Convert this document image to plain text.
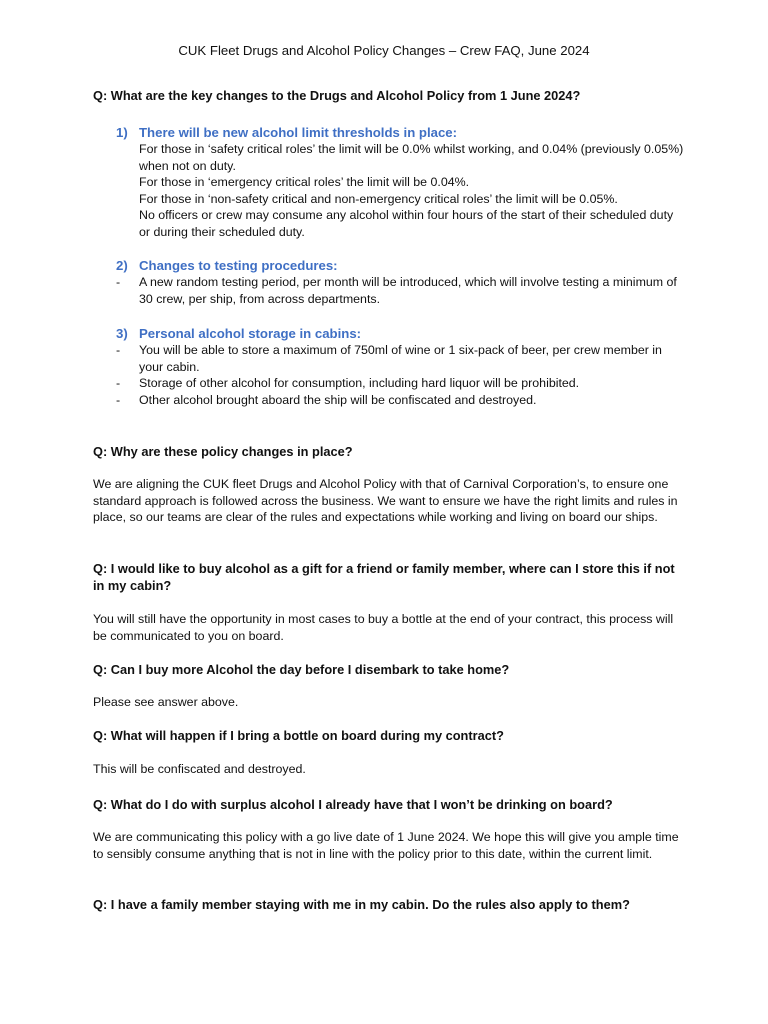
CUK Fleet Drugs and Alcohol Policy Changes – Crew FAQ, June 2024

Q: What are the key changes to the Drugs and Alcohol Policy from 1 June 2024?

1) There will be new alcohol limit thresholds in place:
For those in ‘safety critical roles’ the limit will be 0.0% whilst working, and 0.04% (previously 0.05%) when not on duty.
For those in ‘emergency critical roles’ the limit will be 0.04%.
For those in ‘non-safety critical and non-emergency critical roles’ the limit will be 0.05%.
No officers or crew may consume any alcohol within four hours of the start of their scheduled duty or during their scheduled duty.
2) Changes to testing procedures:
- A new random testing period, per month will be introduced, which will involve testing a minimum of 30 crew, per ship, from across departments.
3) Personal alcohol storage in cabins:
- You will be able to store a maximum of 750ml of wine or 1 six-pack of beer, per crew member in your cabin.
- Storage of other alcohol for consumption, including hard liquor will be prohibited.
- Other alcohol brought aboard the ship will be confiscated and destroyed.

Q: Why are these policy changes in place?

We are aligning the CUK fleet Drugs and Alcohol Policy with that of Carnival Corporation’s, to ensure one standard approach is followed across the business. We want to ensure we have the right limits and rules in place, so our teams are clear of the rules and expectations while working and living on board our ships.

Q: I would like to buy alcohol as a gift for a friend or family member, where can I store this if not in my cabin?

You will still have the opportunity in most cases to buy a bottle at the end of your contract, this process will be communicated to you on board.

Q: Can I buy more Alcohol the day before I disembark to take home?

Please see answer above.

Q: What will happen if I bring a bottle on board during my contract?

This will be confiscated and destroyed.

Q: What do I do with surplus alcohol I already have that I won’t be drinking on board?

We are communicating this policy with a go live date of 1 June 2024. We hope this will give you ample time to sensibly consume anything that is not in line with the policy prior to this date, within the current limit.

Q: I have a family member staying with me in my cabin. Do the rules also apply to them?
